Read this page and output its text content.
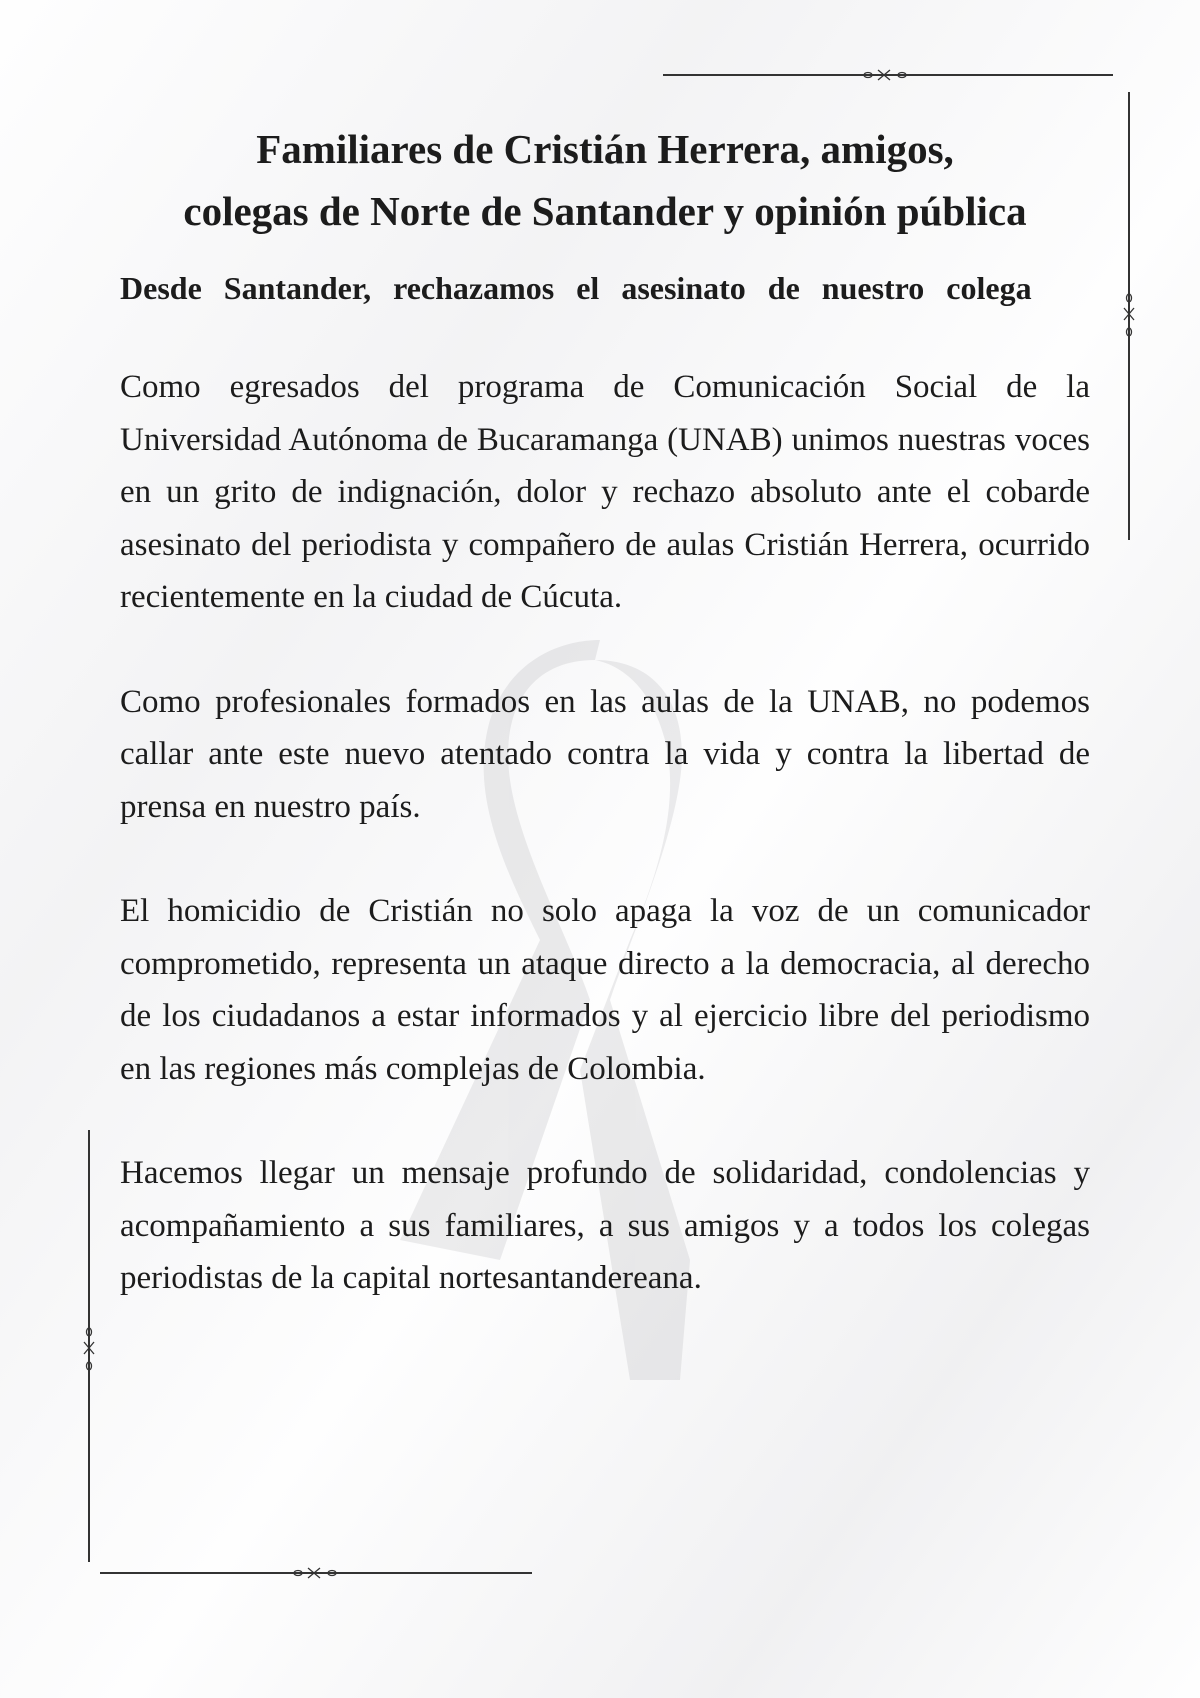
Familiares de Cristián Herrera, amigos,
colegas de Norte de Santander y opinión pública

Desde Santander, rechazamos el asesinato de nuestro colega

Como egresados del programa de Comunicación Social de la Universidad Autónoma de Bucaramanga (UNAB) unimos nuestras voces en un grito de indignación, dolor y rechazo absoluto ante el cobarde asesinato del periodista y compañero de aulas Cristián Herrera, ocurrido recientemente en la ciudad de Cúcuta.

Como profesionales formados en las aulas de la UNAB, no podemos callar ante este nuevo atentado contra la vida y contra la libertad de prensa en nuestro país.

El homicidio de Cristián no solo apaga la voz de un comunicador comprometido, representa un ataque directo a la democracia, al derecho de los ciudadanos a estar informados y al ejercicio libre del periodismo en las regiones más complejas de Colombia.

Hacemos llegar un mensaje profundo de solidaridad, condolencias y acompañamiento a sus familiares, a sus amigos y a todos los colegas periodistas de la capital nortesantandereana.
